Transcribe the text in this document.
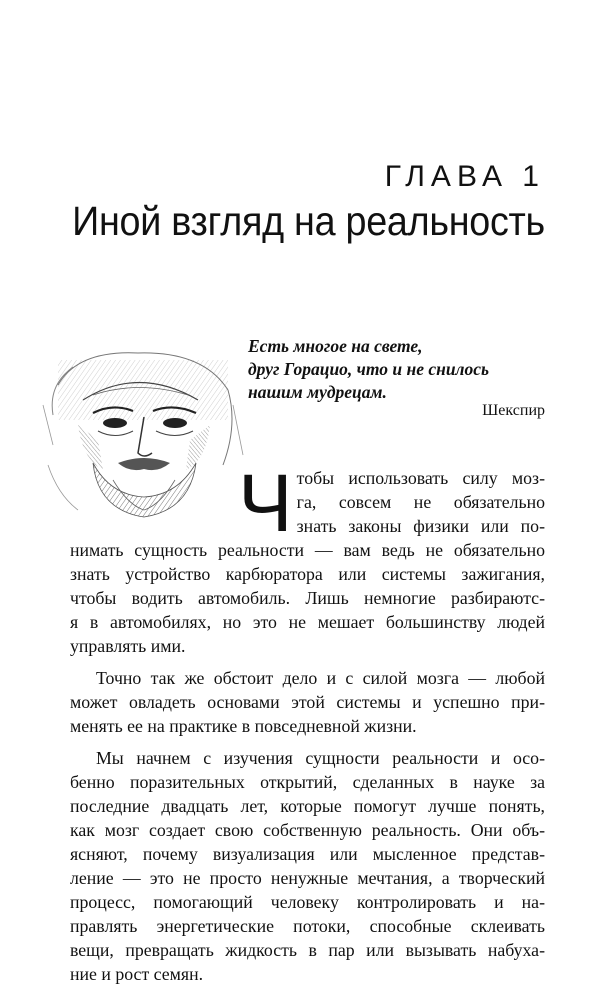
ГЛАВА 1
Иной взгляд на реальность
Есть многое на свете,
друг Горацио, что и не снилось
нашим мудрецам.
Шекспир
Ч тобы использовать силу моз-
га, совсем не обязательно
знать законы физики или по-
нимать сущность реальности — вам ведь не обязательно
знать устройство карбюратора или системы зажигания,
чтобы водить автомобиль. Лишь немногие разбираютс-
я в автомобилях, но это не мешает большинству людей
управлять ими.
Точно так же обстоит дело и с силой мозга — любой
может овладеть основами этой системы и успешно при-
менять ее на практике в повседневной жизни.
Мы начнем с изучения сущности реальности и осо-
бенно поразительных открытий, сделанных в науке за
последние двадцать лет, которые помогут лучше понять,
как мозг создает свою собственную реальность. Они объ-
ясняют, почему визуализация или мысленное представ-
ление — это не просто ненужные мечтания, а творческий
процесс, помогающий человеку контролировать и на-
правлять энергетические потоки, способные склеивать
вещи, превращать жидкость в пар или вызывать набуха-
ние и рост семян.
